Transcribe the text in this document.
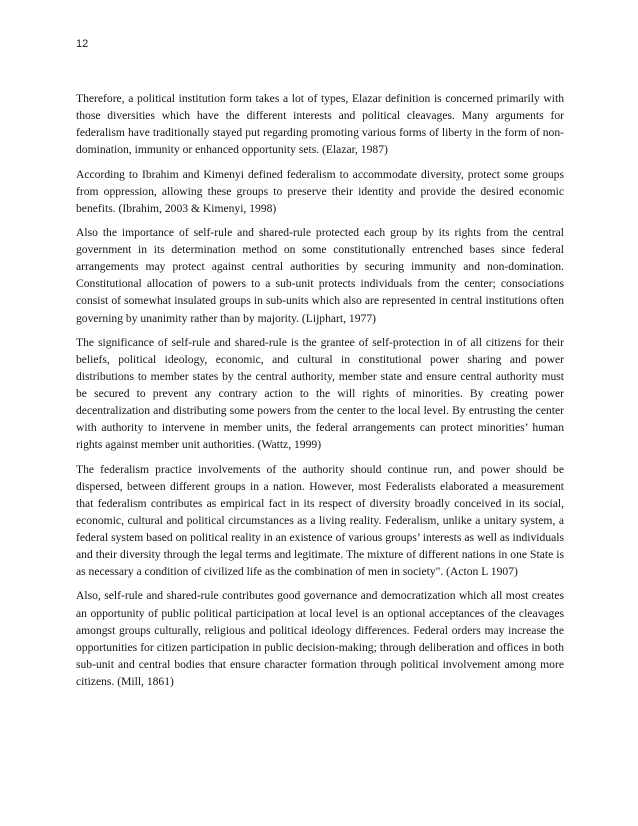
12

Therefore, a political institution form takes a lot of types, Elazar definition is concerned primarily with those diversities which have the different interests and political cleavages. Many arguments for federalism have traditionally stayed put regarding promoting various forms of liberty in the form of non-domination, immunity or enhanced opportunity sets. (Elazar, 1987)

According to Ibrahim and Kimenyi defined federalism to accommodate diversity, protect some groups from oppression, allowing these groups to preserve their identity and provide the desired economic benefits. (Ibrahim, 2003 & Kimenyi, 1998)

Also the importance of self-rule and shared-rule protected each group by its rights from the central government in its determination method on some constitutionally entrenched bases since federal arrangements may protect against central authorities by securing immunity and non-domination. Constitutional allocation of powers to a sub-unit protects individuals from the center; consociations consist of somewhat insulated groups in sub-units which also are represented in central institutions often governing by unanimity rather than by majority. (Lijphart, 1977)

The significance of self-rule and shared-rule is the grantee of self-protection in of all citizens for their beliefs, political ideology, economic, and cultural in constitutional power sharing and power distributions to member states by the central authority, member state and ensure central authority must be secured to prevent any contrary action to the will rights of minorities. By creating power decentralization and distributing some powers from the center to the local level. By entrusting the center with authority to intervene in member units, the federal arrangements can protect minorities’ human rights against member unit authorities. (Wattz, 1999)

The federalism practice involvements of the authority should continue run, and power should be dispersed, between different groups in a nation. However, most Federalists elaborated a measurement that federalism contributes as empirical fact in its respect of diversity broadly conceived in its social, economic, cultural and political circumstances as a living reality. Federalism, unlike a unitary system, a federal system based on political reality in an existence of various groups’ interests as well as individuals and their diversity through the legal terms and legitimate. The mixture of different nations in one State is as necessary a condition of civilized life as the combination of men in society". (Acton L 1907)

Also, self-rule and shared-rule contributes good governance and democratization which all most creates an opportunity of public political participation at local level is an optional acceptances of the cleavages amongst groups culturally, religious and political ideology differences. Federal orders may increase the opportunities for citizen participation in public decision-making; through deliberation and offices in both sub-unit and central bodies that ensure character formation through political involvement among more citizens. (Mill, 1861)
